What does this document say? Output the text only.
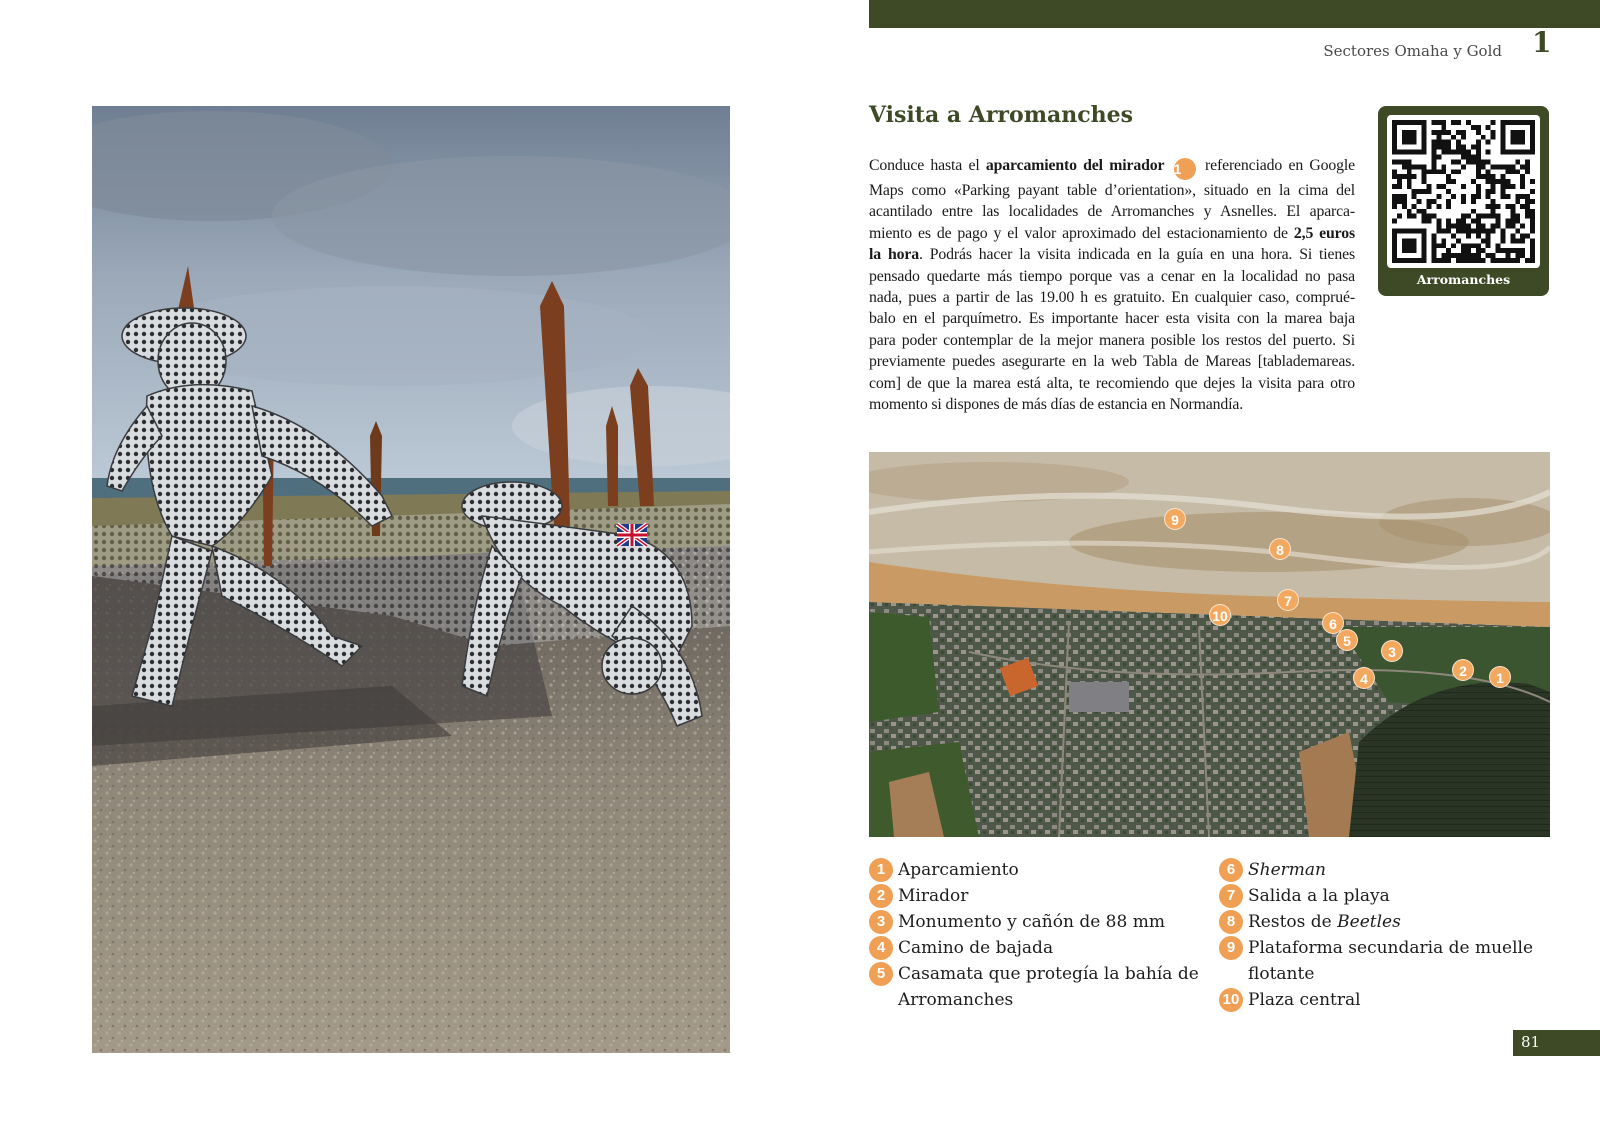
Sectores Omaha y Gold 1
Visita a Arromanches
Conduce hasta el aparcamiento del mirador 1 referenciado en Google
Maps como «Parking payant table d’orientation», situado en la cima del
acantilado entre las localidades de Arromanches y Asnelles. El aparca-
miento es de pago y el valor aproximado del estacionamiento de 2,5 euros
la hora. Podrás hacer la visita indicada en la guía en una hora. Si tienes
pensado quedarte más tiempo porque vas a cenar en la localidad no pasa
nada, pues a partir de las 19.00 h es gratuito. En cualquier caso, comprué-
balo en el parquímetro. Es importante hacer esta visita con la marea baja
para poder contemplar de la mejor manera posible los restos del puerto. Si
previamente puedes asegurarte en la web Tabla de Mareas [tablademareas.
com] de que la marea está alta, te recomiendo que dejes la visita para otro
momento si dispones de más días de estancia en Normandía.
Arromanches
9
8
7
10	6
5
3
4	2	1
1 Aparcamiento
2 Mirador
3 Monumento y cañón de 88 mm
4 Camino de bajada
5 Casamata que protegía la bahía de Arromanches
6 Sherman
7 Salida a la playa
8 Restos de Beetles
9 Plataforma secundaria de muelle flotante
10 Plaza central
81
